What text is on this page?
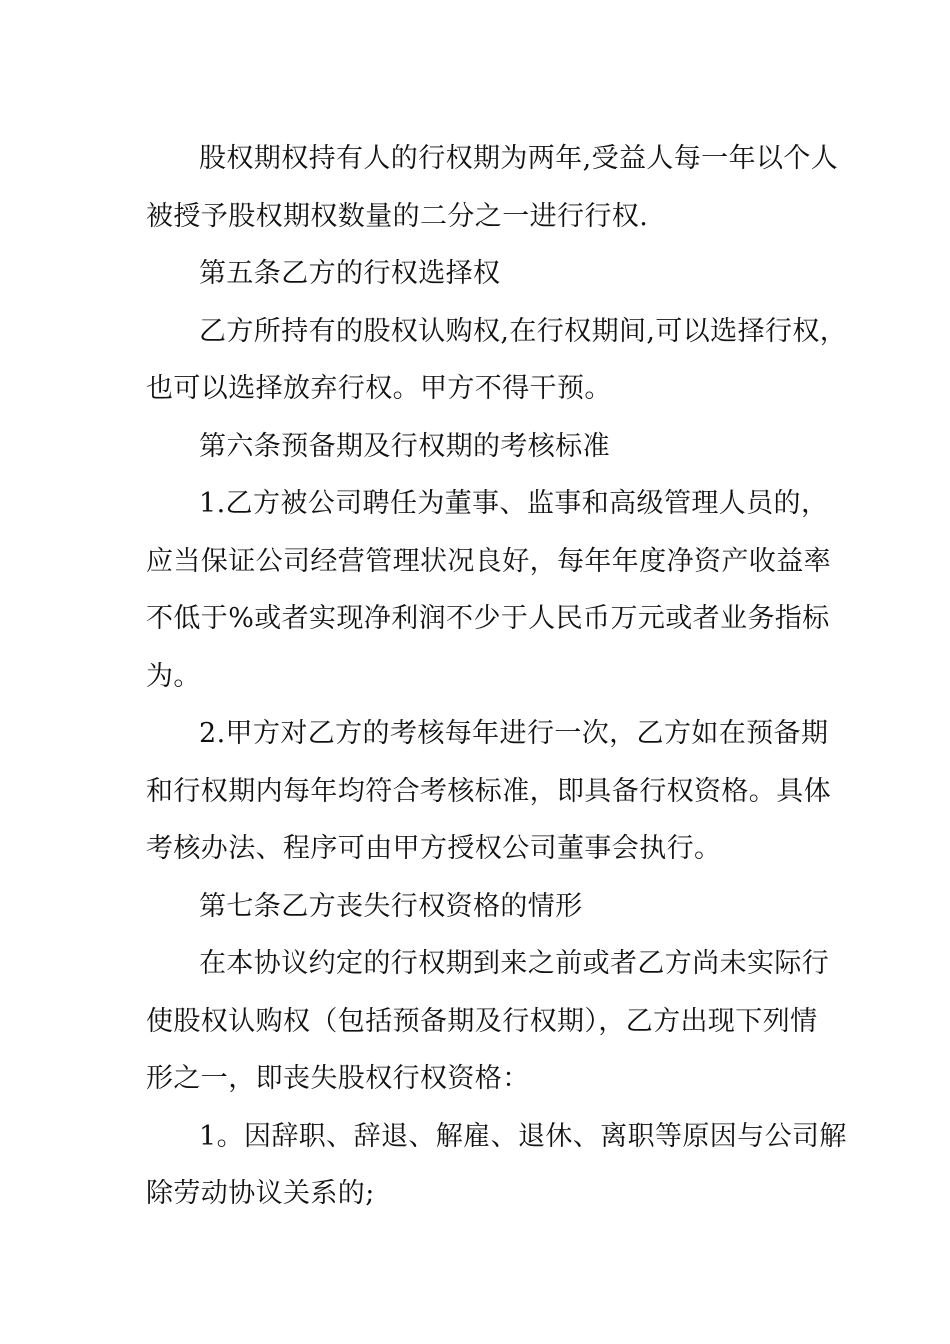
股权期权持有人的行权期为两年,受益人每一年以个人
被授予股权期权数量的二分之一进行行权.
第五条乙方的行权选择权
乙方所持有的股权认购权,在行权期间,可以选择行权，
也可以选择放弃行权。甲方不得干预。
第六条预备期及行权期的考核标准
1.乙方被公司聘任为董事、监事和高级管理人员的，
应当保证公司经营管理状况良好，每年年度净资产收益率
不低于%或者实现净利润不少于人民币万元或者业务指标
为。
2.甲方对乙方的考核每年进行一次，乙方如在预备期
和行权期内每年均符合考核标准，即具备行权资格。具体
考核办法、程序可由甲方授权公司董事会执行。
第七条乙方丧失行权资格的情形
在本协议约定的行权期到来之前或者乙方尚未实际行
使股权认购权（包括预备期及行权期），乙方出现下列情
形之一，即丧失股权行权资格：
1。因辞职、辞退、解雇、退休、离职等原因与公司解
除劳动协议关系的;
